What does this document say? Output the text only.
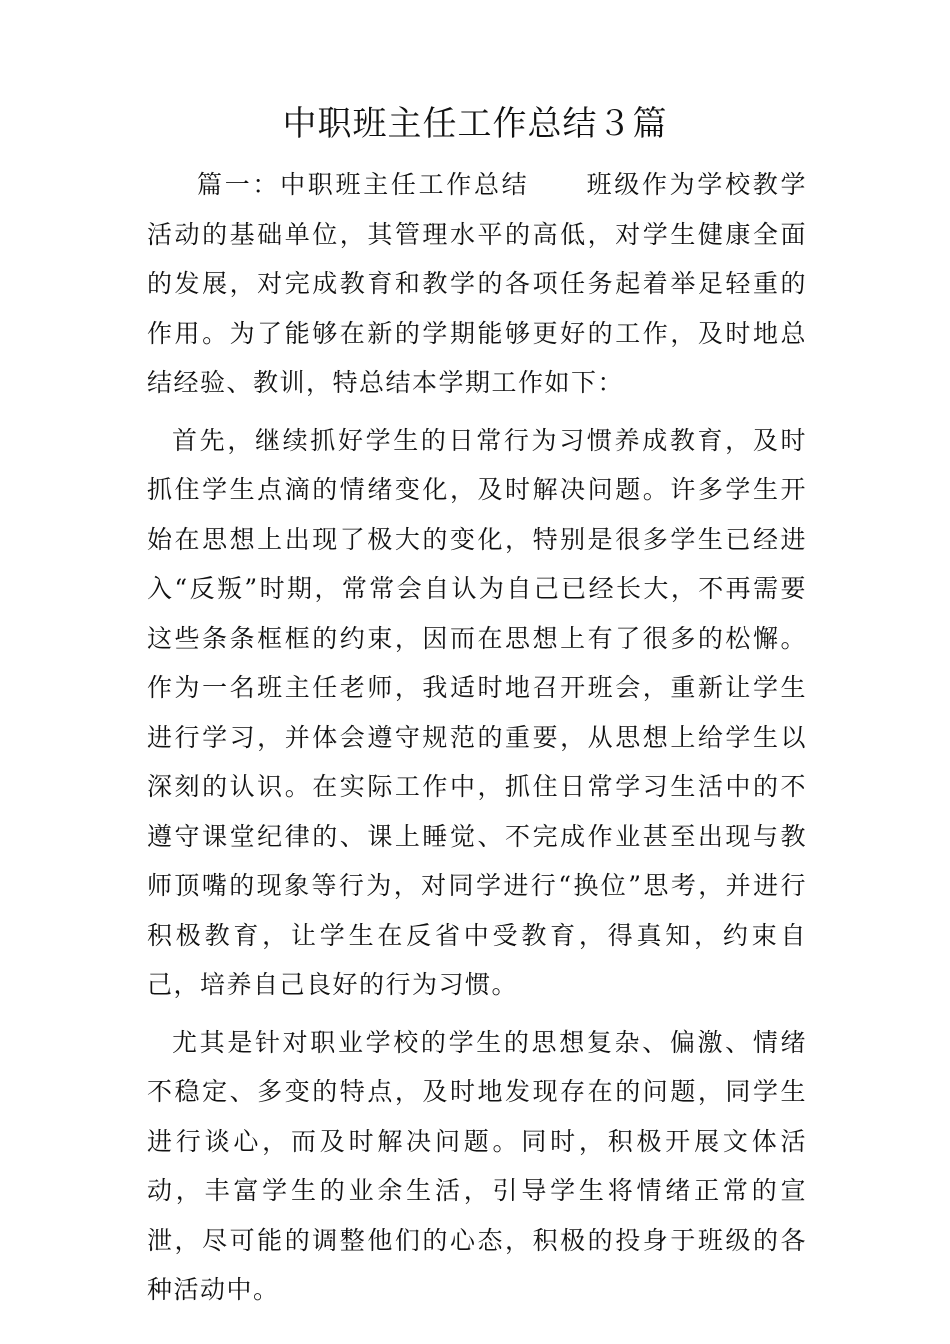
中职班主任工作总结３篇

篇一：中职班主任工作总结 班级作为学校教学活动的基础单位，其管理水平的高低，对学生健康全面的发展，对完成教育和教学的各项任务起着举足轻重的作用。为了能够在新的学期能够更好的工作，及时地总结经验、教训，特总结本学期工作如下：

首先，继续抓好学生的日常行为习惯养成教育，及时抓住学生点滴的情绪变化，及时解决问题。许多学生开始在思想上出现了极大的变化，特别是很多学生已经进入“反叛”时期，常常会自认为自己已经长大，不再需要这些条条框框的约束，因而在思想上有了很多的松懈。作为一名班主任老师，我适时地召开班会，重新让学生进行学习，并体会遵守规范的重要，从思想上给学生以深刻的认识。在实际工作中，抓住日常学习生活中的不遵守课堂纪律的、课上睡觉、不完成作业甚至出现与教师顶嘴的现象等行为，对同学进行“换位”思考，并进行积极教育，让学生在反省中受教育，得真知，约束自己，培养自己良好的行为习惯。

尤其是针对职业学校的学生的思想复杂、偏激、情绪不稳定、多变的特点，及时地发现存在的问题，同学生进行谈心，而及时解决问题。同时，积极开展文体活动，丰富学生的业余生活，引导学生将情绪正常的宣泄，尽可能的调整他们的心态，积极的投身于班级的各种活动中。
